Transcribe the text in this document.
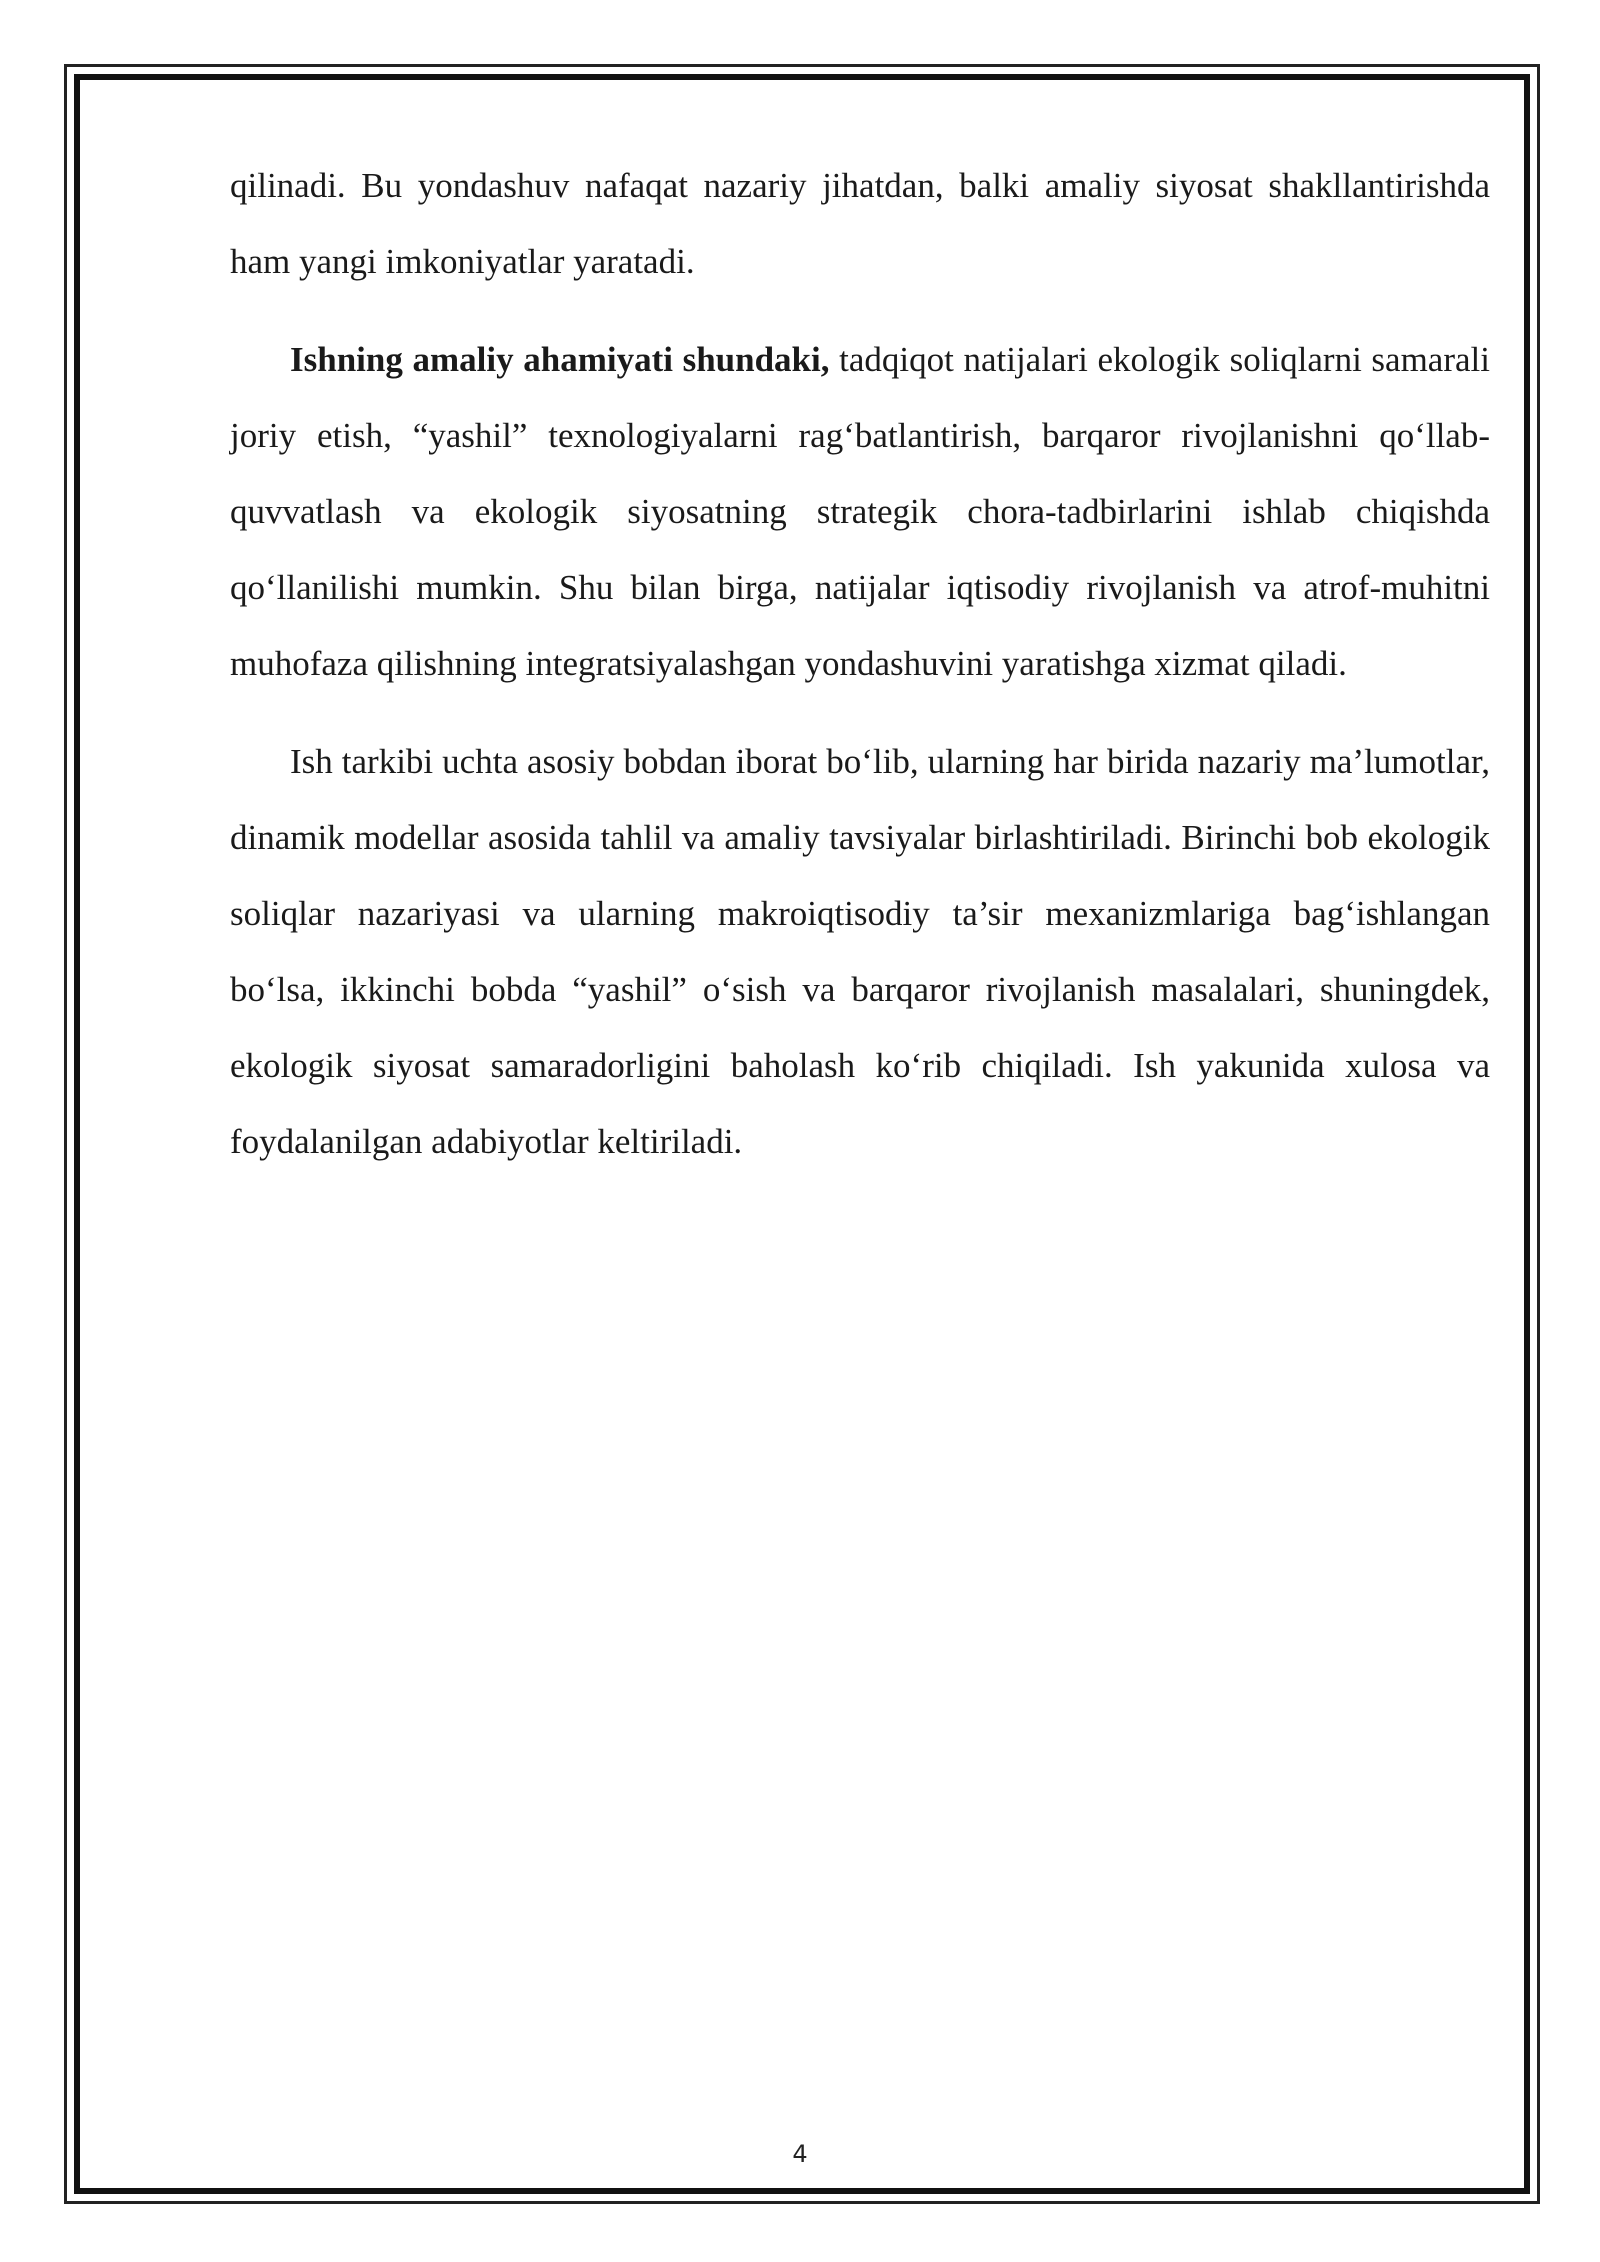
qilinadi. Bu yondashuv nafaqat nazariy jihatdan, balki amaliy siyosat shakllantirishda ham yangi imkoniyatlar yaratadi.

Ishning amaliy ahamiyati shundaki, tadqiqot natijalari ekologik soliqlarni samarali joriy etish, “yashil” texnologiyalarni rag‘batlantirish, barqaror rivojlanishni qo‘llab-quvvatlash va ekologik siyosatning strategik chora-tadbirlarini ishlab chiqishda qo‘llanilishi mumkin. Shu bilan birga, natijalar iqtisodiy rivojlanish va atrof-muhitni muhofaza qilishning integratsiyalashgan yondashuvini yaratishga xizmat qiladi.

Ish tarkibi uchta asosiy bobdan iborat bo‘lib, ularning har birida nazariy ma’lumotlar, dinamik modellar asosida tahlil va amaliy tavsiyalar birlashtiriladi. Birinchi bob ekologik soliqlar nazariyasi va ularning makroiqtisodiy ta’sir mexanizmlariga bag‘ishlangan bo‘lsa, ikkinchi bobda “yashil” o‘sish va barqaror rivojlanish masalalari, shuningdek, ekologik siyosat samaradorligini baholash ko‘rib chiqiladi. Ish yakunida xulosa va foydalanilgan adabiyotlar keltiriladi.

4
